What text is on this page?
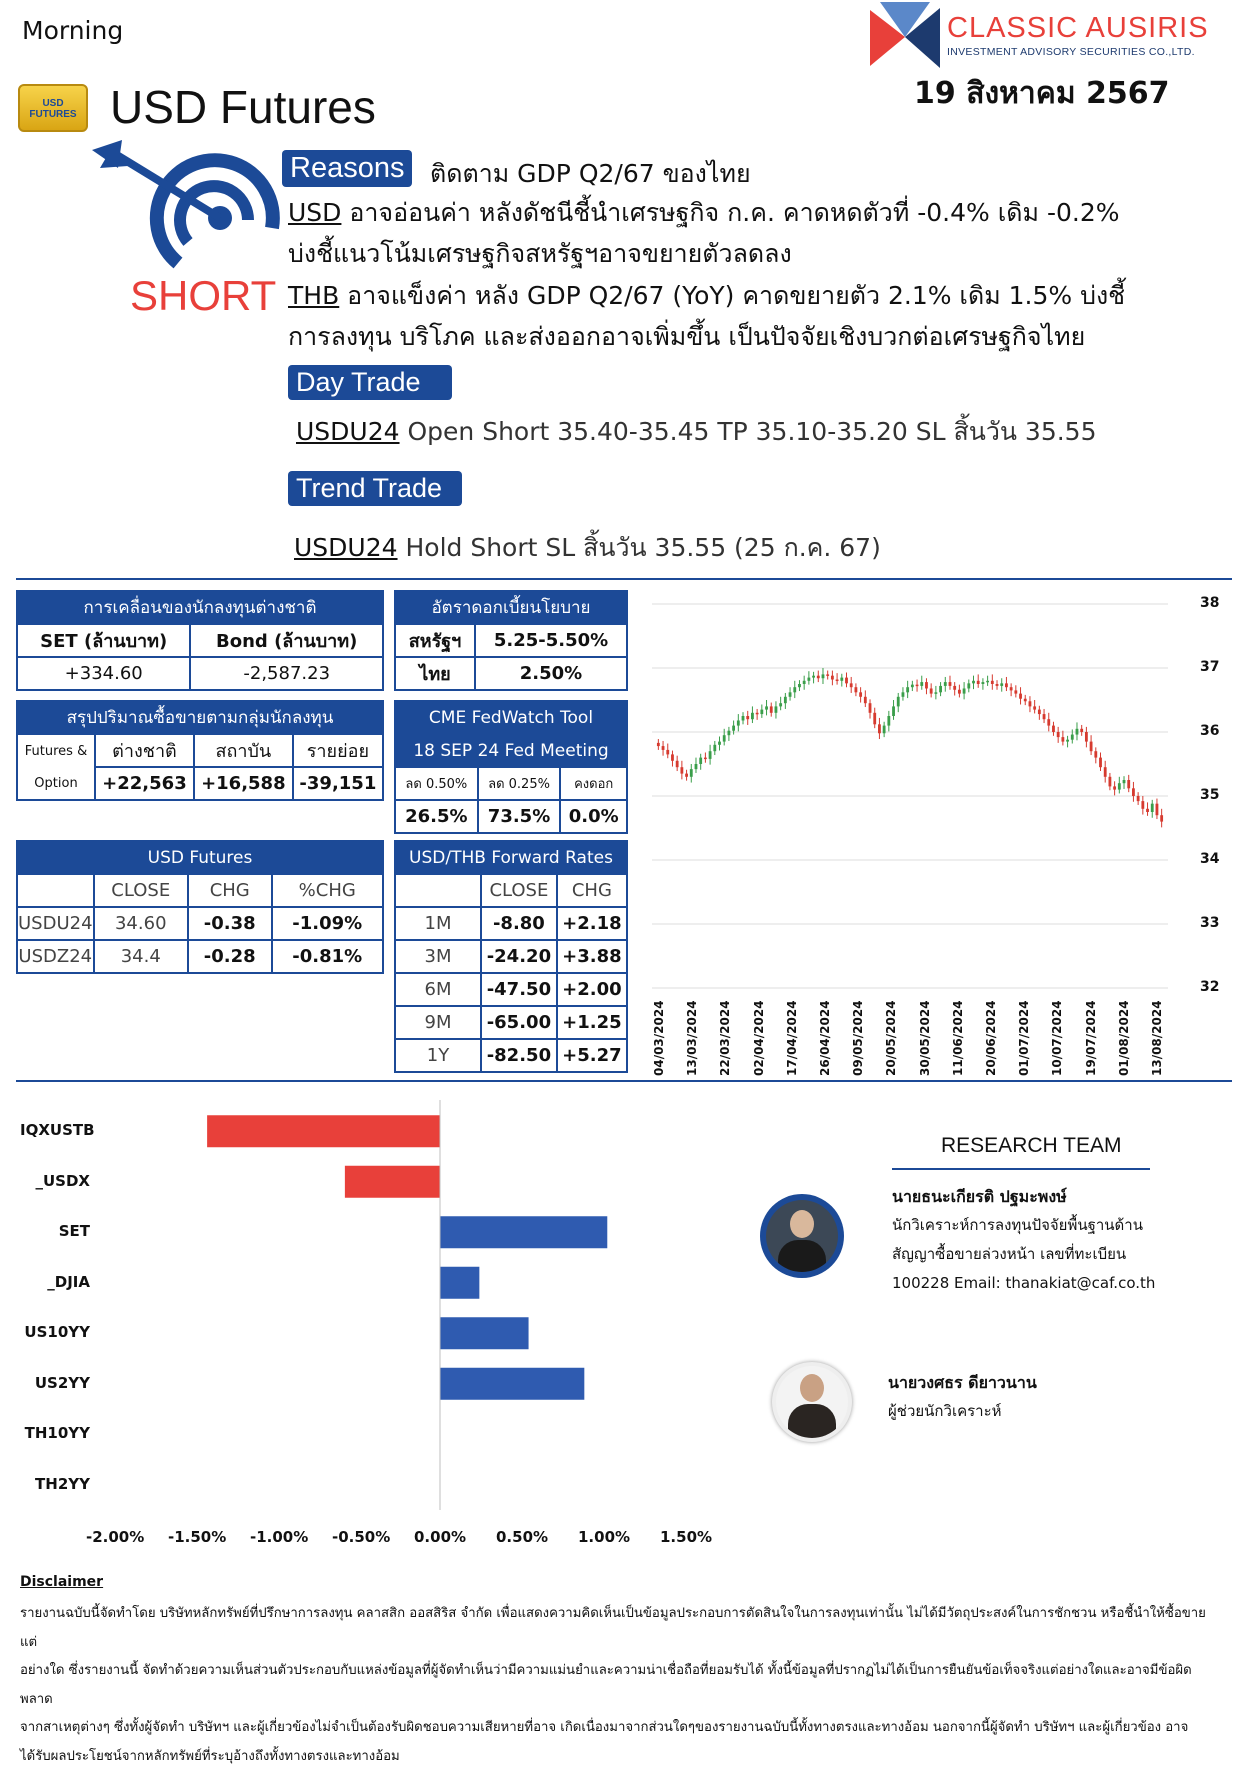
Morning	CLASSIC AUSIRIS
INVESTMENT ADVISORY SECURITIES CO.,LTD.
19 สิงหาคม 2567
USD FUTURES USD Futures
SHORT
Reasons	ติดตาม GDP Q2/67 ของไทย
USD อาจอ่อนค่า หลังดัชนีชี้นำเศรษฐกิจ ก.ค. คาดหดตัวที่ -0.4% เดิม -0.2%
บ่งชี้แนวโน้มเศรษฐกิจสหรัฐฯอาจขยายตัวลดลง
THB อาจแข็งค่า หลัง GDP Q2/67 (YoY) คาดขยายตัว 2.1% เดิม 1.5% บ่งชี้
การลงทุน บริโภค และส่งออกอาจเพิ่มขึ้น เป็นปัจจัยเชิงบวกต่อเศรษฐกิจไทย
Day Trade
USDU24 Open Short 35.40-35.45 TP 35.10-35.20 SL สิ้นวัน 35.55
Trend Trade
USDU24 Hold Short SL สิ้นวัน 35.55 (25 ก.ค. 67)
การเคลื่อนของนักลงทุนต่างชาติ	
SET (ล้านบาท)	Bond (ล้านบาท)
+334.60	-2,587.23
อัตราดอกเบี้ยนโยบาย	
สหรัฐฯ	5.25-5.50%
ไทย	2.50%
สรุปปริมาณซื้อขายตามกลุ่มนักลงทุน			
Futures &	ต่างชาติ	สถาบัน	รายย่อย
Option	+22,563	+16,588	-39,151
CME FedWatch Tool		
18 SEP 24 Fed Meeting		
ลด 0.50%	ลด 0.25%	คงดอก
26.5%	73.5%	0.0%
USD Futures			
	CLOSE	CHG	%CHG
USDU24	34.60	-0.38	-1.09%
USDZ24	34.4	-0.28	-0.81%
USD/THB Forward Rates		
	CLOSE	CHG
1M	-8.80	+2.18
3M	-24.20	+3.88
6M	-47.50	+2.00
9M	-65.00	+1.25
1Y	-82.50	+5.27
38
37
36
35
34
33
32
04/03/2024 13/03/2024 22/03/2024 02/04/2024 17/04/2024 26/04/2024 09/05/2024 20/05/2024 30/05/2024 11/06/2024 20/06/2024 01/07/2024 10/07/2024 19/07/2024 01/08/2024 13/08/2024
IQXUSTB
_USDX
SET
_DJIA
US10YY
US2YY
TH10YY
TH2YY
-2.00% -1.50% -1.00% -0.50% 0.00% 0.50% 1.00% 1.50%
RESEARCH TEAM
นายธนะเกียรติ ปฐมะพงษ์
นักวิเคราะห์การลงทุนปัจจัยพื้นฐานด้าน
สัญญาซื้อขายล่วงหน้า เลขที่ทะเบียน
100228 Email: thanakiat@caf.co.th
นายวงศธร ดียาวนาน
ผู้ช่วยนักวิเคราะห์
Disclaimer
รายงานฉบับนี้จัดทำโดย บริษัทหลักทรัพย์ที่ปรึกษาการลงทุน คลาสสิก ออสสิริส จำกัด เพื่อแสดงความคิดเห็นเป็นข้อมูลประกอบการตัดสินใจในการลงทุนเท่านั้น ไม่ได้มีวัตถุประสงค์ในการชักชวน หรือชี้นำให้ซื้อขายแต่
อย่างใด ซึ่งรายงานนี้ จัดทำด้วยความเห็นส่วนตัวประกอบกับแหล่งข้อมูลที่ผู้จัดทำเห็นว่ามีความแม่นยำและความน่าเชื่อถือที่ยอมรับได้ ทั้งนี้ข้อมูลที่ปรากฏไม่ได้เป็นการยืนยันข้อเท็จจริงแต่อย่างใดและอาจมีข้อผิดพลาด
จากสาเหตุต่างๆ ซึ่งทั้งผู้จัดทำ บริษัทฯ และผู้เกี่ยวข้องไม่จำเป็นต้องรับผิดชอบความเสียหายที่อาจ เกิดเนื่องมาจากส่วนใดๆของรายงานฉบับนี้ทั้งทางตรงและทางอ้อม นอกจากนี้ผู้จัดทำ บริษัทฯ และผู้เกี่ยวข้อง อาจ
ได้รับผลประโยชน์จากหลักทรัพย์ที่ระบุอ้างถึงทั้งทางตรงและทางอ้อม
